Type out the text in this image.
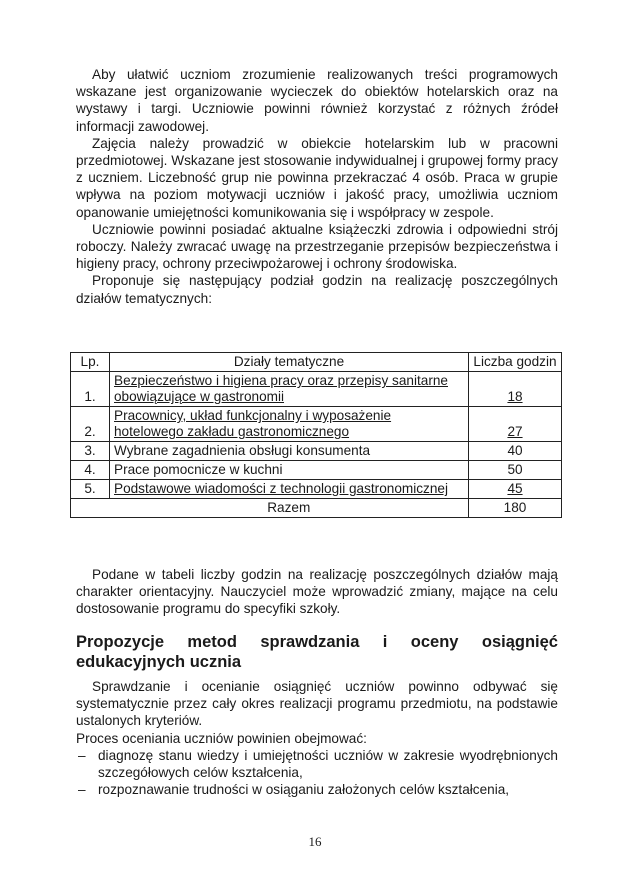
Aby ułatwić uczniom zrozumienie realizowanych treści programowych wskazane jest organizowanie wycieczek do obiektów hotelarskich oraz na wystawy i targi. Uczniowie powinni również korzystać z różnych źródeł informacji zawodowej.

Zajęcia należy prowadzić w obiekcie hotelarskim lub w pracowni przedmiotowej. Wskazane jest stosowanie indywidualnej i grupowej formy pracy z uczniem. Liczebność grup nie powinna przekraczać 4 osób. Praca w grupie wpływa na poziom motywacji uczniów i jakość pracy, umożliwia uczniom opanowanie umiejętności komunikowania się i współpracy w zespole.

Uczniowie powinni posiadać aktualne książeczki zdrowia i odpowiedni strój roboczy. Należy zwracać uwagę na przestrzeganie przepisów bezpieczeństwa i higieny pracy, ochrony przeciwpożarowej i ochrony środowiska.

Proponuje się następujący podział godzin na realizację poszczególnych działów tematycznych:

Lp.	Działy tematyczne	Liczba godzin
1.	Bezpieczeństwo i higiena pracy oraz przepisy sanitarne obowiązujące w gastronomii	18
2.	Pracownicy, układ funkcjonalny i wyposażenie hotelowego zakładu gastronomicznego	27
3.	Wybrane zagadnienia obsługi konsumenta	40
4.	Prace pomocnicze w kuchni	50
5.	Podstawowe wiadomości z technologii gastronomicznej	45
	Razem	180

Podane w tabeli liczby godzin na realizację poszczególnych działów mają charakter orientacyjny. Nauczyciel może wprowadzić zmiany, mające na celu dostosowanie programu do specyfiki szkoły.

Propozycje metod sprawdzania i oceny osiągnięć edukacyjnych ucznia

Sprawdzanie i ocenianie osiągnięć uczniów powinno odbywać się systematycznie przez cały okres realizacji programu przedmiotu, na podstawie ustalonych kryteriów.

Proces oceniania uczniów powinien obejmować:

– diagnozę stanu wiedzy i umiejętności uczniów w zakresie wyodrębnionych szczegółowych celów kształcenia,
– rozpoznawanie trudności w osiąganiu założonych celów kształcenia,
16
